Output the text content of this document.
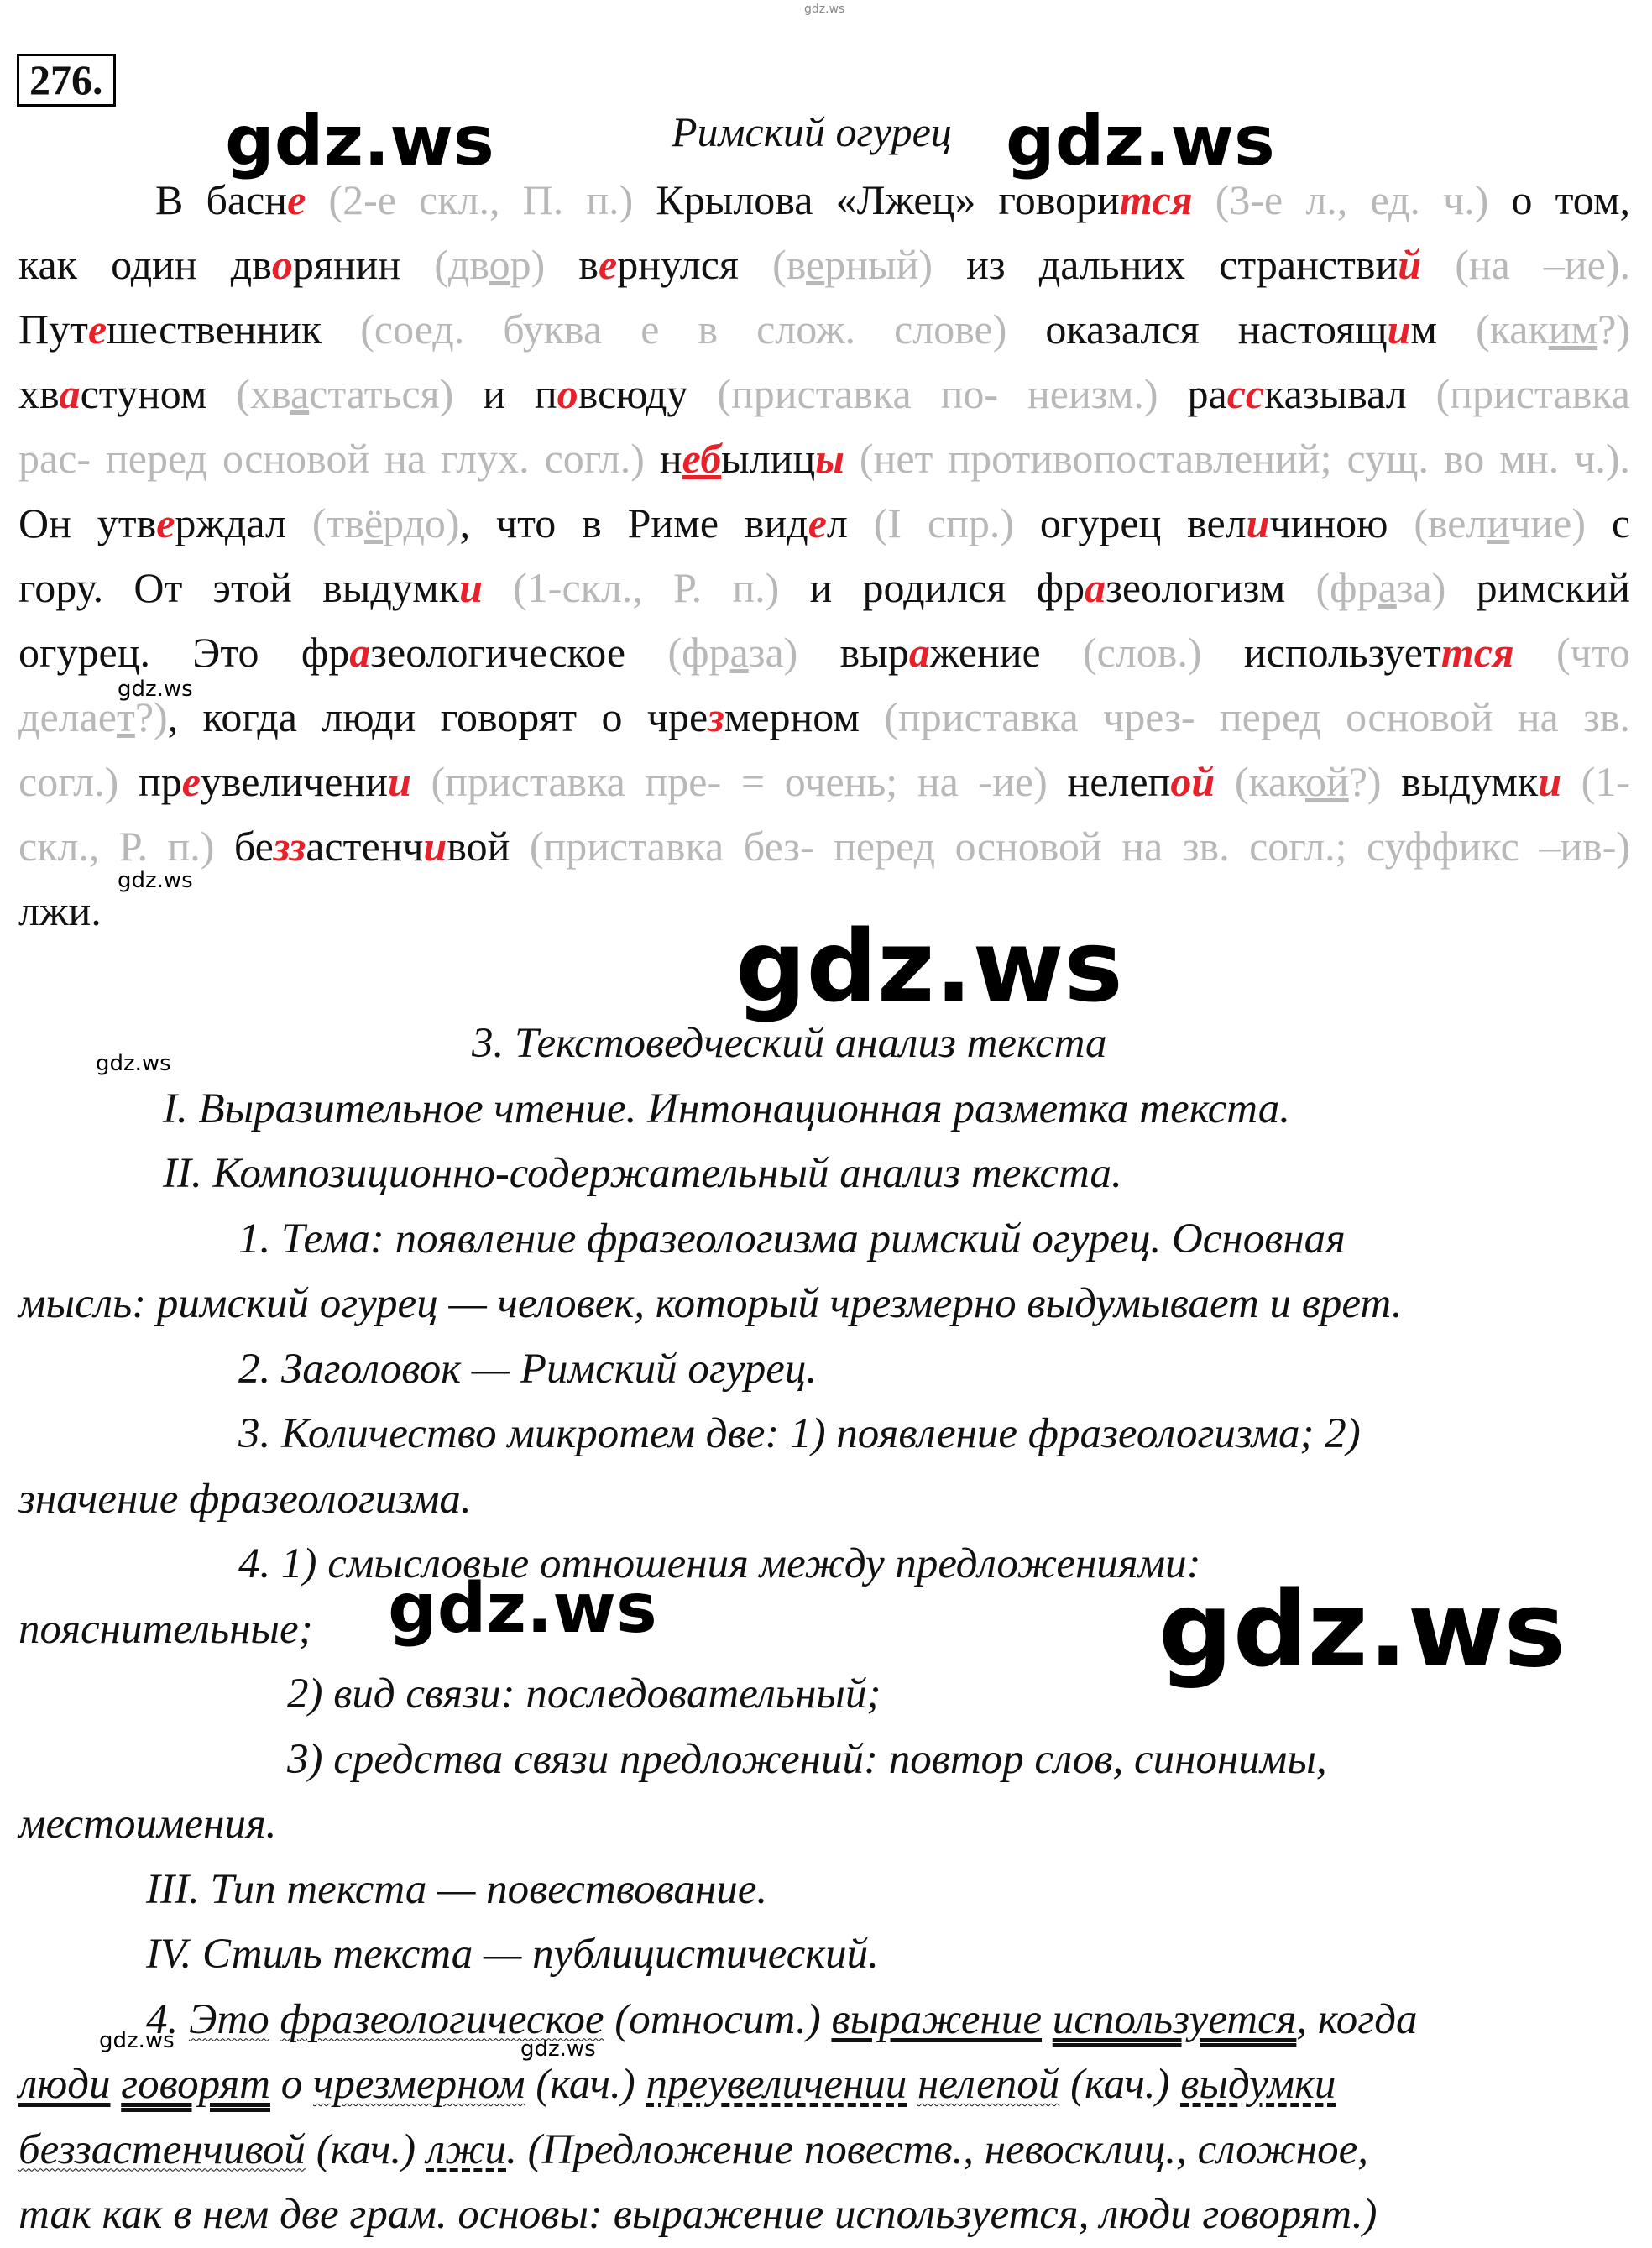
gdz.ws
gdz.ws	gdz.ws
gdz.ws
gdz.ws
gdz.ws
gdz.ws
gdz.ws	gdz.ws
gdz.ws	gdz.ws
276.
Римский огурец
В басне (2-е скл., П. п.) Крылова «Лжец» говорится (3-е л., ед. ч.) о том,
как один дворянин (двор) вернулся (верный) из дальних странствий (на –ие).
Путешественник (соед. буква е в слож. слове) оказался настоящим (каким?)
хвастуном (хвастаться) и повсюду (приставка по- неизм.) рассказывал (приставка
рас- перед основой на глух. согл.) небылицы (нет противопоставлений; сущ. во мн. ч.).
Он утверждал (твёрдо), что в Риме видел (I спр.) огурец величиною (величие) с
гору. От этой выдумки (1-скл., Р. п.) и родился фразеологизм (фраза) римский
огурец. Это фразеологическое (фраза) выражение (слов.) используеттся (что
делает?), когда люди говорят о чрезмерном (приставка чрез- перед основой на зв.
согл.) преувеличении (приставка пре- = очень; на -ие) нелепой (какой?) выдумки (1-
скл., Р. п.) беззастенчивой (приставка без- перед основой на зв. согл.; суффикс –ив-)
лжи.
3. Текстоведческий анализ текста
I. Выразительное чтение. Интонационная разметка текста.
II. Композиционно-содержательный анализ текста.
1. Тема: появление фразеологизма римский огурец. Основная
мысль: римский огурец — человек, который чрезмерно выдумывает и врет.
2. Заголовок — Римский огурец.
3. Количество микротем две: 1) появление фразеологизма; 2)
значение фразеологизма.
4. 1) смысловые отношения между предложениями:
пояснительные;
2) вид связи: последовательный;
3) средства связи предложений: повтор слов, синонимы,
местоимения.
III. Тип текста — повествование.
IV. Стиль текста — публицистический.
4. Это фразеологическое (относит.) выражение используется, когда
люди говорят о чрезмерном (кач.) преувеличении нелепой (кач.) выдумки
беззастенчивой (кач.) лжи. (Предложение повеств., невосклиц., сложное,
так как в нем две грам. основы: выражение используется, люди говорят.)
